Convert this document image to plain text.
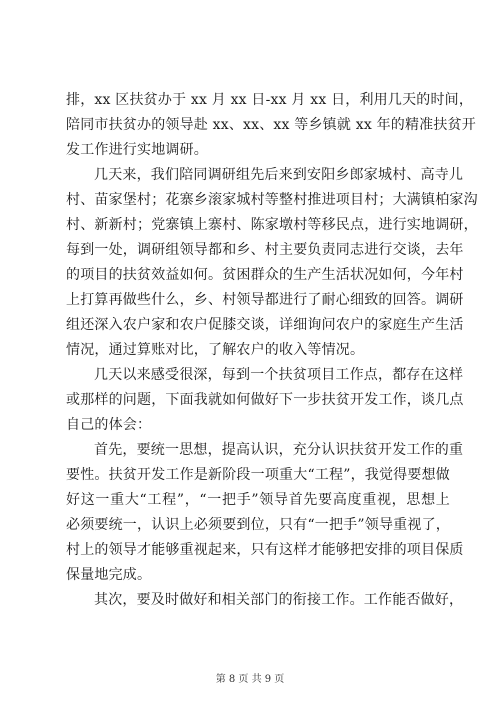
排，xx 区扶贫办于 xx 月 xx 日-xx 月 xx 日，利用几天的时间，
陪同市扶贫办的领导赴 xx、xx、xx 等乡镇就 xx 年的精准扶贫开
发工作进行实地调研。
几天来，我们陪同调研组先后来到安阳乡郎家城村、高寺儿
村、苗家堡村；花寨乡滚家城村等整村推进项目村；大满镇柏家沟
村、新新村；党寨镇上寨村、陈家墩村等移民点，进行实地调研，
每到一处，调研组领导都和乡、村主要负责同志进行交谈，去年
的项目的扶贫效益如何。贫困群众的生产生活状况如何，今年村
上打算再做些什么，乡、村领导都进行了耐心细致的回答。调研
组还深入农户家和农户促膝交谈，详细询问农户的家庭生产生活
情况，通过算账对比，了解农户的收入等情况。
几天以来感受很深，每到一个扶贫项目工作点，都存在这样
或那样的问题，下面我就如何做好下一步扶贫开发工作，谈几点
自己的体会：
首先，要统一思想，提高认识，充分认识扶贫开发工作的重
要性。扶贫开发工作是新阶段一项重大“工程”，我觉得要想做
好这一重大“工程”，“一把手”领导首先要高度重视，思想上
必须要统一，认识上必须要到位，只有“一把手”领导重视了，
村上的领导才能够重视起来，只有这样才能够把安排的项目保质
保量地完成。
其次，要及时做好和相关部门的衔接工作。工作能否做好，
第 8 页 共 9 页
